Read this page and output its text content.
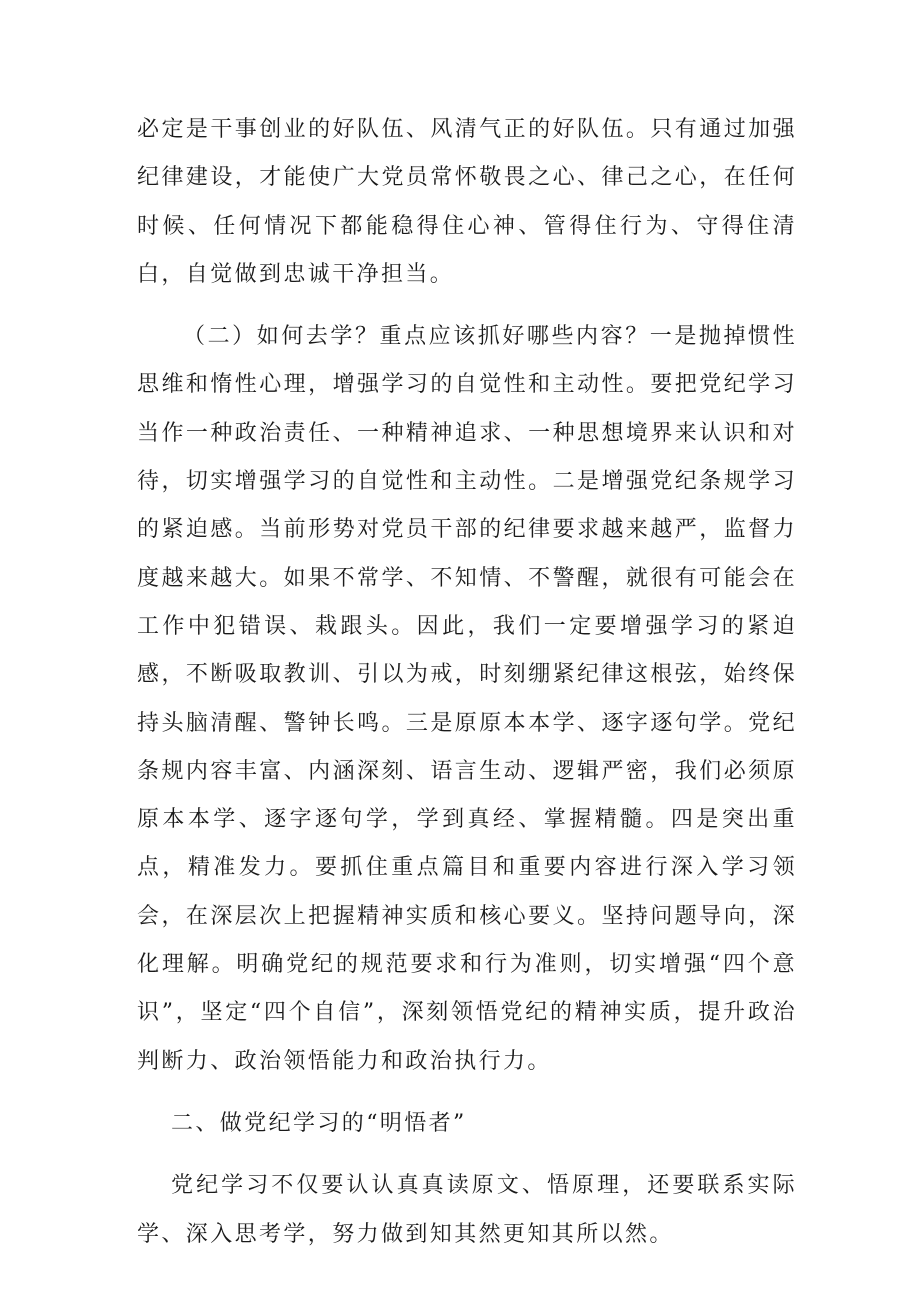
必定是干事创业的好队伍、风清气正的好队伍。只有通过加强纪律建设，才能使广大党员常怀敬畏之心、律己之心，在任何时候、任何情况下都能稳得住心神、管得住行为、守得住清白，自觉做到忠诚干净担当。

（二）如何去学？重点应该抓好哪些内容？一是抛掉惯性思维和惰性心理，增强学习的自觉性和主动性。要把党纪学习当作一种政治责任、一种精神追求、一种思想境界来认识和对待，切实增强学习的自觉性和主动性。二是增强党纪条规学习的紧迫感。当前形势对党员干部的纪律要求越来越严，监督力度越来越大。如果不常学、不知情、不警醒，就很有可能会在工作中犯错误、栽跟头。因此，我们一定要增强学习的紧迫感，不断吸取教训、引以为戒，时刻绷紧纪律这根弦，始终保持头脑清醒、警钟长鸣。三是原原本本学、逐字逐句学。党纪条规内容丰富、内涵深刻、语言生动、逻辑严密，我们必须原原本本学、逐字逐句学，学到真经、掌握精髓。四是突出重点，精准发力。要抓住重点篇目和重要内容进行深入学习领会，在深层次上把握精神实质和核心要义。坚持问题导向，深化理解。明确党纪的规范要求和行为准则，切实增强“四个意识”，坚定“四个自信”，深刻领悟党纪的精神实质，提升政治判断力、政治领悟能力和政治执行力。

二、做党纪学习的“明悟者”

党纪学习不仅要认认真真读原文、悟原理，还要联系实际学、深入思考学，努力做到知其然更知其所以然。
